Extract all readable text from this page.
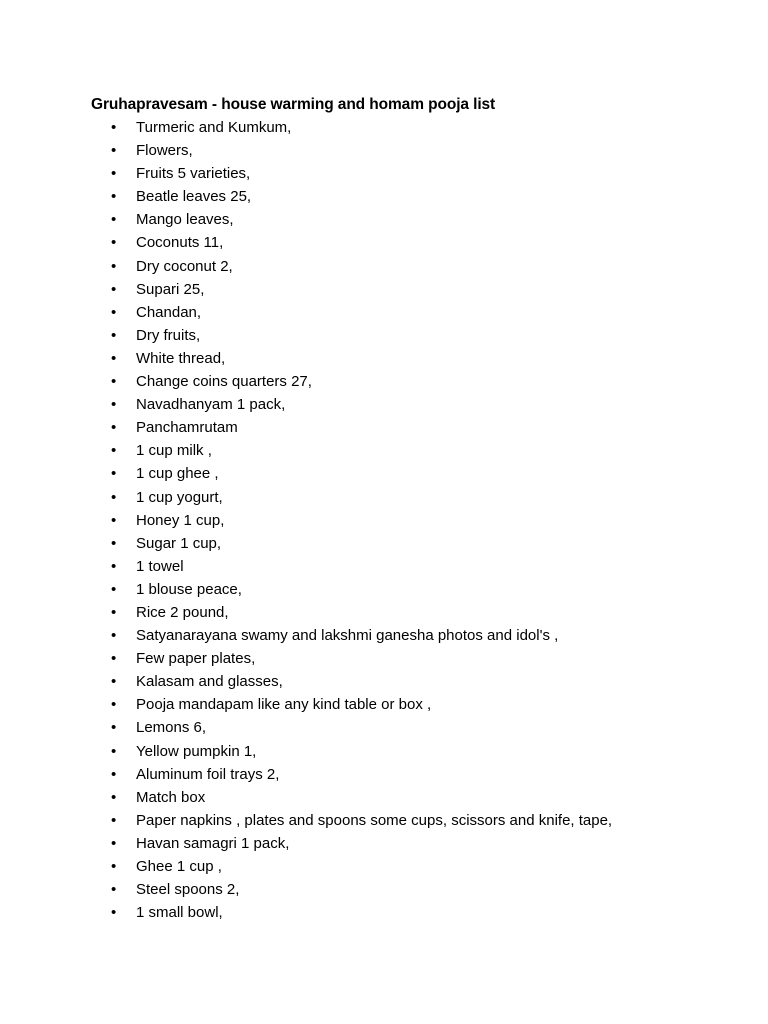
Gruhapravesam - house warming and homam pooja list
• Turmeric and Kumkum,
• Flowers,
• Fruits 5 varieties,
• Beatle leaves 25,
• Mango leaves,
• Coconuts 11,
• Dry coconut 2,
• Supari 25,
• Chandan,
• Dry fruits,
• White thread,
• Change coins quarters 27,
• Navadhanyam 1 pack,
• Panchamrutam
• 1 cup milk ,
• 1 cup ghee ,
• 1 cup yogurt,
• Honey 1 cup,
• Sugar 1 cup,
• 1 towel
• 1 blouse peace,
• Rice 2 pound,
• Satyanarayana swamy and lakshmi ganesha photos and idol's ,
• Few paper plates,
• Kalasam and glasses,
• Pooja mandapam like any kind table or box ,
• Lemons 6,
• Yellow pumpkin 1,
• Aluminum foil trays 2,
• Match box
• Paper napkins , plates and spoons some cups, scissors and knife, tape,
• Havan samagri 1 pack,
• Ghee 1 cup ,
• Steel spoons 2,
• 1 small bowl,
